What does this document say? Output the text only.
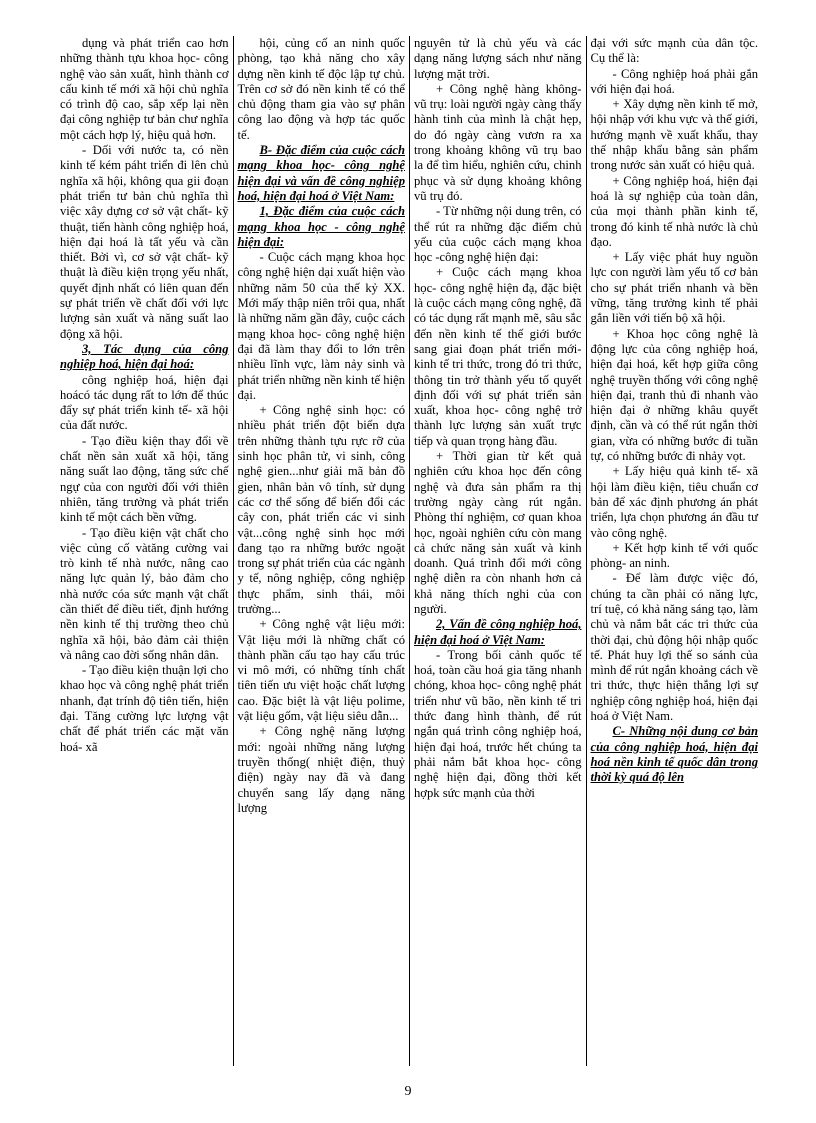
dụng và phát triển cao hơn những thành tựu khoa học- công nghệ vào sản xuất, hình thành cơ cấu kinh tế mới xã hội chủ nghĩa có trình độ cao, sắp xếp lại nền đại công nghiệp tư bản chư nghĩa một cách hợp lý, hiệu quả hơn.

- Dối với nước ta, có nền kinh tế kém páht triển đi lên chủ nghĩa xã hội, không qua gii đoạn phát triển tư bản chủ nghĩa thì việc xây dựng cơ sở vật chất- kỹ thuật, tiến hành công nghiệp hoá, hiện đại hoá là tất yếu và cần thiết. Bởi vì, cơ sở vật chất- kỹ thuật là điều kiện trọng yếu nhất, quyết định nhất có liên quan đến sự phát triển về chất đối với lực lượng sản xuất và năng suất lao động xã hội.

3, Tác dụng của công nghiệp hoá, hiện đại hoá:

công nghiệp hoá, hiện đại hoácó tác dụng rất to lớn để thúc đẩy sự phát triển kinh tế- xã hội của đất nước.

- Tạo điều kiện thay đổi về chất nền sản xuất xã hội, tăng năng suất lao động, tăng sức chế ngự của con người đối với thiên nhiên, tăng trưởng và phát triển kinh tế một cách bền vững.

- Tạo điều kiện vật chất cho việc củng cố vàtăng cường vai trò kinh tế nhà nước, nâng cao năng lực quản lý, bảo đảm cho nhà nước cóa sức mạnh vật chất cần thiết để điều tiết, định hướng nền kinh tế thị trường theo chủ nghĩa xã hội, bảo đảm cải thiện và nâng cao đời sống nhân dân.

- Tạo điều kiện thuận lợi cho khao học và công nghệ phát triển nhanh, đạt trính độ tiên tiến, hiện đại. Tăng cường lực lượng vật chất để phát triển các mặt văn hoá- xã

hội, củng cố an ninh quốc phòng, tạo khả năng cho xây dựng nền kinh tế độc lập tự chủ. Trên cơ sở đó nền kinh tế có thể chủ động tham gia vào sự phân công lao động và hợp tác quốc tế.

B- Đặc điểm của cuộc cách mạng khoa học- công nghệ hiện đại và vấn đề công nghiệp hoá, hiện đại hoá ở Việt Nam:

1, Đặc điểm của cuộc cách mạng khoa học - công nghệ hiện đại:

- Cuộc cách mạng khoa học công nghệ hiện dại xuất hiện vào những năm 50 của thế kỷ XX. Mới mấy thập niên trôi qua, nhất là những năm gần đây, cuộc cách mạng khoa học- công nghệ hiện đại đã làm thay đổi to lớn trên nhiều lĩnh vực, làm nảy sinh và phát triển những nền kinh tế hiện đại.

+ Công nghệ sinh học: có nhiều phát triển đột biến dựa trên những thành tựu rực rỡ của sinh học phân tử, vi sinh, công nghệ gien...như giải mã bản đồ gien, nhân bản vô tính, sử dụng các cơ thể sống để biến đổi các cây con, phát triển các vi sinh vật...công nghệ sinh học mới đang tạo ra những bước ngoặt trong sự phát triển của các ngành y tế, nông nghiệp, công nghiệp thực phẩm, sinh thái, môi trường...

+ Công nghệ vật liệu mới: Vật liệu mới là những chất có thành phần cấu tạo hay cấu trúc vi mô mới, có những tính chất tiên tiến ưu việt hoặc chất lượng cao. Đặc biệt là vật liệu polime, vật liệu gốm, vật liệu siêu dẫn...

+ Công nghệ năng lượng mới: ngoài những năng lượng truyền thống( nhiệt điện, thuỷ điện) ngày nay đã và đang chuyển sang lấy dạng năng lượng

nguyên tử là chủ yếu và các dạng năng lượng sách như năng lượng mặt trời.

+ Công nghệ hàng không- vũ trụ: loài người ngày càng thấy hành tinh của mình là chật hẹp, do đó ngày càng vươn ra xa trong khoảng không vũ trụ bao la để tìm hiểu, nghiên cứu, chinh phục và sử dụng khoảng không vũ trụ đó.

- Từ những nội dung trên, có thể rút ra những đặc điểm chủ yếu của cuộc cách mạng khoa học -công nghệ hiện đại:

+ Cuộc cách mạng khoa học- công nghệ hiện đạ, đặc biệt là cuộc cách mạng công nghệ, đã có tác dụng rất mạnh mẽ, sâu sắc đến nền kinh tế thế giới bước sang giai đoạn phát triển mới- kinh tế tri thức, trong đó tri thức, thông tin trở thành yếu tố quyết định đối với sự phát triển sản xuất, khoa học- công nghệ trở thành lực lượng sản xuất trực tiếp và quan trọng hàng đầu.

+ Thời gian từ kết quả nghiên cứu khoa học đến công nghệ và đưa sản phẩm ra thị trường ngày càng rút ngắn. Phòng thí nghiệm, cơ quan khoa học, ngoài nghiên cứu còn mang cả chức năng sản xuất và kinh doanh. Quá trình đổi mới công nghệ diễn ra còn nhanh hơn cả khả năng thích nghi của con người.

2, Vấn đề công nghiệp hoá, hiện đại hoá ở Việt Nam:

- Trong bối cảnh quốc tế hoá, toàn cầu hoá gia tăng nhanh chóng, khoa học- công nghệ phát triển như vũ bão, nền kinh tế tri thức đang hình thành, để rút ngắn quá trình công nghiệp hoá, hiện đại hoá, trước hết chúng ta phải nắm bắt khoa học- công nghệ hiện đại, đồng thời kết hợpk sức mạnh của thời

đại với sức mạnh của dân tộc. Cụ thể là:

- Công nghiệp hoá phải gắn với hiện đại hoá.

+ Xây dựng nền kinh tế mở, hội nhập với khu vực và thế giới, hướng mạnh về xuất khẩu, thay thế nhập khẩu bằng sản phẩm trong nước sản xuất có hiệu quả.

+ Công nghiệp hoá, hiện đại hoá là sự nghiệp của toàn dân, của mọi thành phần kinh tế, trong đó kinh tế nhà nước là chủ đạo.

+ Lấy việc phát huy nguồn lực con người làm yếu tố cơ bản cho sự phát triển nhanh và bền vững, tăng trưởng kinh tế phải gắn liền với tiến bộ xã hội.

+ Khoa học công nghệ là động lực của công nghiệp hoá, hiện đại hoá, kết hợp giữa công nghệ truyền thống với công nghệ hiện đại, tranh thủ đi nhanh vào hiện đại ở những khâu quyết định, cần và có thể rút ngắn thời gian, vừa có những bước đi tuần tự, có những bước đi nhảy vọt.

+ Lấy hiệu quả kinh tế- xã hội làm điều kiện, tiêu chuẩn cơ bản để xác định phương án phát triển, lựa chọn phương án đầu tư vào công nghệ.

+ Kết hợp kinh tế với quốc phòng- an ninh.

- Để làm được việc đó, chúng ta cần phải có năng lực, trí tuệ, có khả năng sáng tạo, làm chủ và nắm bắt các tri thức của thời đại, chủ động hội nhập quốc tế. Phát huy lợi thế so sánh của mình để rút ngắn khoảng cách về tri thức, thực hiện thắng lợi sự nghiệp công nghiệp hoá, hiện đại hoá ở Việt Nam.

C- Những nội dung cơ bản của công nghiệp hoá, hiện đại hoá nền kinh tế quốc dân trong thời kỳ quá độ lên

9
